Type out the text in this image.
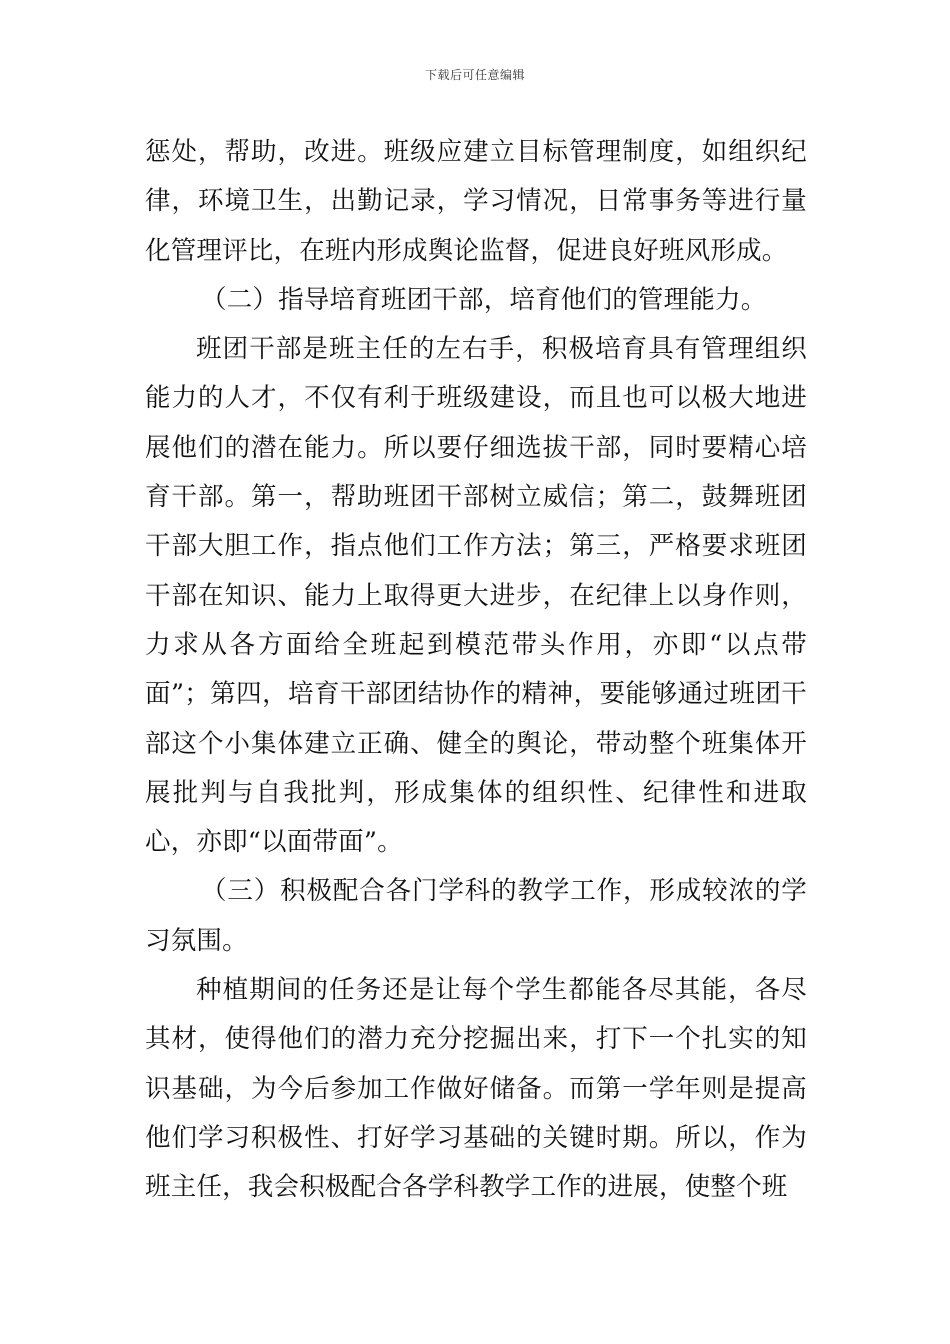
下载后可任意编辑

惩处，帮助，改进。班级应建立目标管理制度，如组织纪律，环境卫生，出勤记录，学习情况，日常事务等进行量化管理评比，在班内形成舆论监督，促进良好班风形成。

（二）指导培育班团干部，培育他们的管理能力。

班团干部是班主任的左右手，积极培育具有管理组织能力的人才，不仅有利于班级建设，而且也可以极大地进展他们的潜在能力。所以要仔细选拔干部，同时要精心培育干部。第一，帮助班团干部树立威信；第二，鼓舞班团干部大胆工作，指点他们工作方法；第三，严格要求班团干部在知识、能力上取得更大进步，在纪律上以身作则，力求从各方面给全班起到模范带头作用，亦即“以点带面”；第四，培育干部团结协作的精神，要能够通过班团干部这个小集体建立正确、健全的舆论，带动整个班集体开展批判与自我批判，形成集体的组织性、纪律性和进取心，亦即“以面带面”。

（三）积极配合各门学科的教学工作，形成较浓的学习氛围。

种植期间的任务还是让每个学生都能各尽其能，各尽其材，使得他们的潜力充分挖掘出来，打下一个扎实的知识基础，为今后参加工作做好储备。而第一学年则是提高他们学习积极性、打好学习基础的关键时期。所以，作为班主任，我会积极配合各学科教学工作的进展，使整个班
